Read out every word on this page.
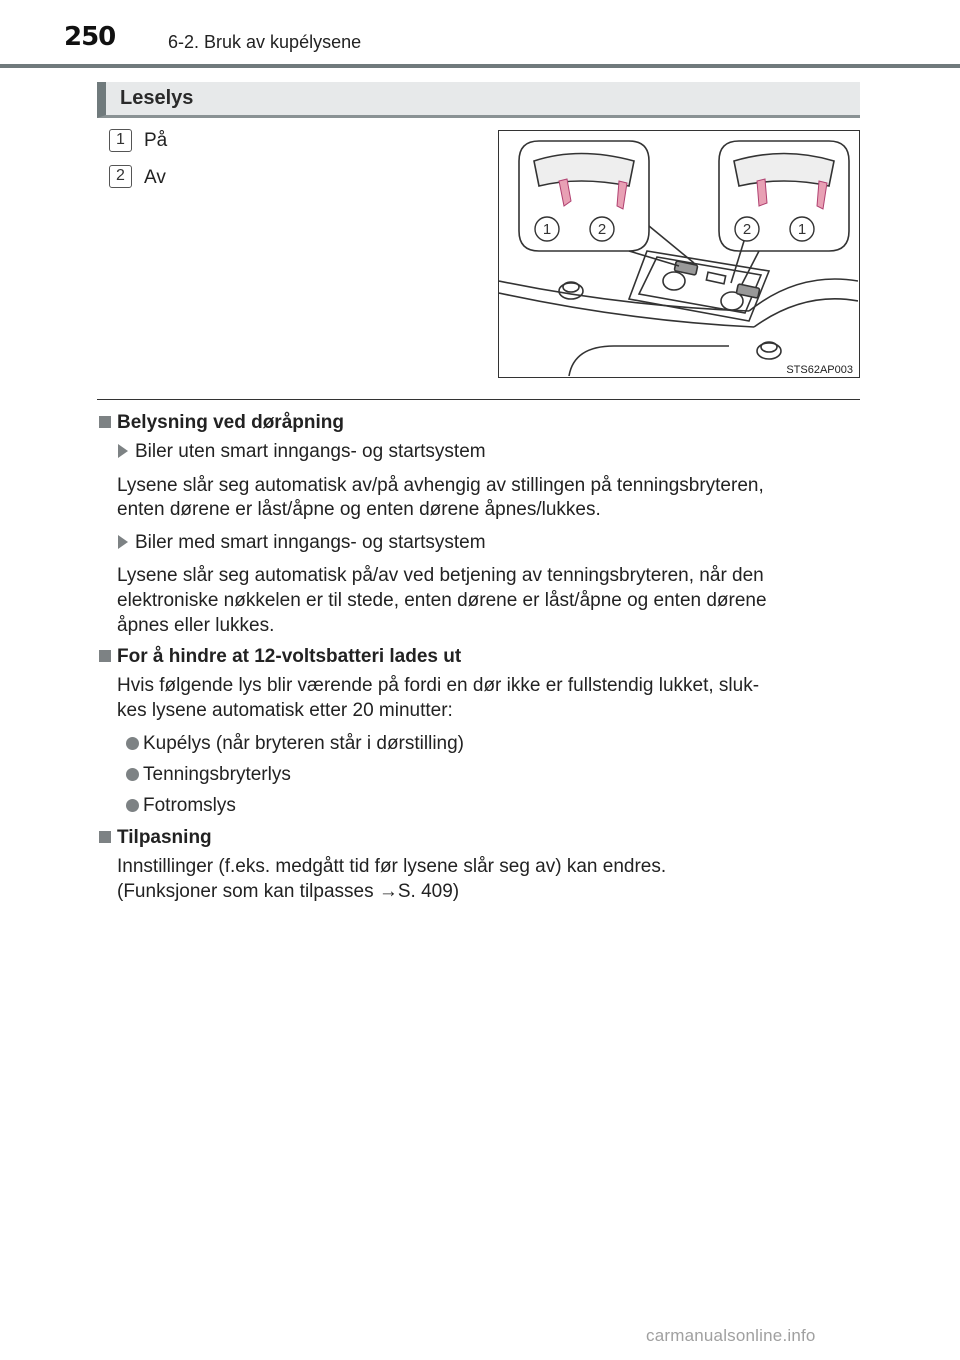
250	6-2. Bruk av kupélysene
Leselys
1	På
2	Av
1	2	2	1
STS62AP003
Belysning ved døråpning
Biler uten smart inngangs- og startsystem
Lysene slår seg automatisk av/på avhengig av stillingen på tenningsbryteren,
enten dørene er låst/åpne og enten dørene åpnes/lukkes.
Biler med smart inngangs- og startsystem
Lysene slår seg automatisk på/av ved betjening av tenningsbryteren, når den
elektroniske nøkkelen er til stede, enten dørene er låst/åpne og enten dørene
åpnes eller lukkes.
For å hindre at 12-voltsbatteri lades ut
Hvis følgende lys blir værende på fordi en dør ikke er fullstendig lukket, sluk-
kes lysene automatisk etter 20 minutter:
Kupélys (når bryteren står i dørstilling)
Tenningsbryterlys
Fotromslys
Tilpasning
Innstillinger (f.eks. medgått tid før lysene slår seg av) kan endres.
(Funksjoner som kan tilpasses →S. 409)
carmanualsonline.info
